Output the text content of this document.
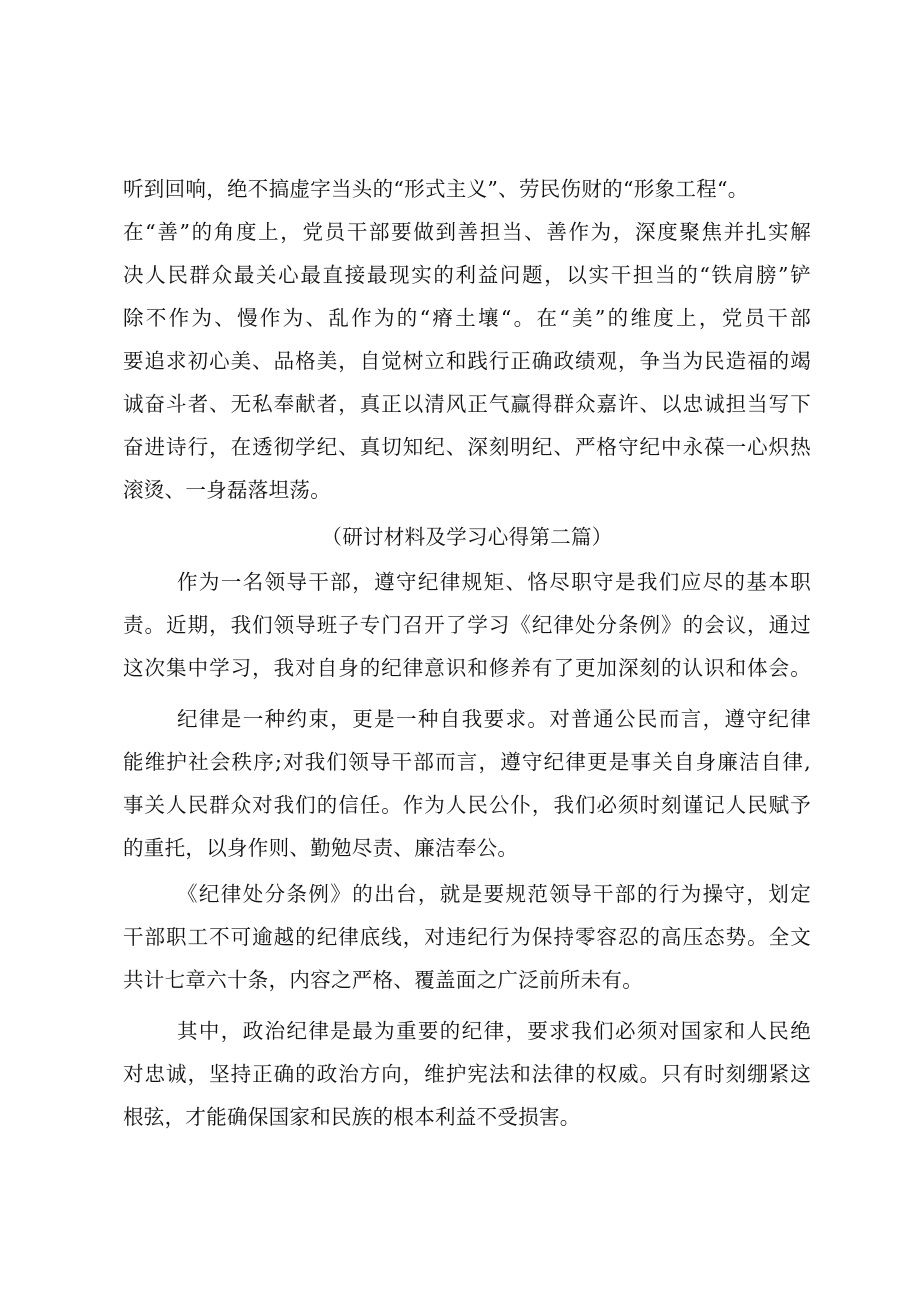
听到回响，绝不搞虚字当头的“形式主义”、劳民伤财的“形象工程“。
在“善”的角度上，党员干部要做到善担当、善作为，深度聚焦并扎实解
决人民群众最关心最直接最现实的利益问题，以实干担当的“铁肩膀”铲
除不作为、慢作为、乱作为的“瘠土壤“。在“美”的维度上，党员干部
要追求初心美、品格美，自觉树立和践行正确政绩观，争当为民造福的竭
诚奋斗者、无私奉献者，真正以清风正气赢得群众嘉许、以忠诚担当写下
奋进诗行，在透彻学纪、真切知纪、深刻明纪、严格守纪中永葆一心炽热
滚烫、一身磊落坦荡。
（研讨材料及学习心得第二篇）
作为一名领导干部，遵守纪律规矩、恪尽职守是我们应尽的基本职
责。近期，我们领导班子专门召开了学习《纪律处分条例》的会议，通过
这次集中学习，我对自身的纪律意识和修养有了更加深刻的认识和体会。
纪律是一种约束，更是一种自我要求。对普通公民而言，遵守纪律
能维护社会秩序;对我们领导干部而言，遵守纪律更是事关自身廉洁自律,
事关人民群众对我们的信任。作为人民公仆，我们必须时刻谨记人民赋予
的重托，以身作则、勤勉尽责、廉洁奉公。
《纪律处分条例》的出台，就是要规范领导干部的行为操守，划定
干部职工不可逾越的纪律底线，对违纪行为保持零容忍的高压态势。全文
共计七章六十条，内容之严格、覆盖面之广泛前所未有。
其中，政治纪律是最为重要的纪律，要求我们必须对国家和人民绝
对忠诚，坚持正确的政治方向，维护宪法和法律的权威。只有时刻绷紧这
根弦，才能确保国家和民族的根本利益不受损害。
